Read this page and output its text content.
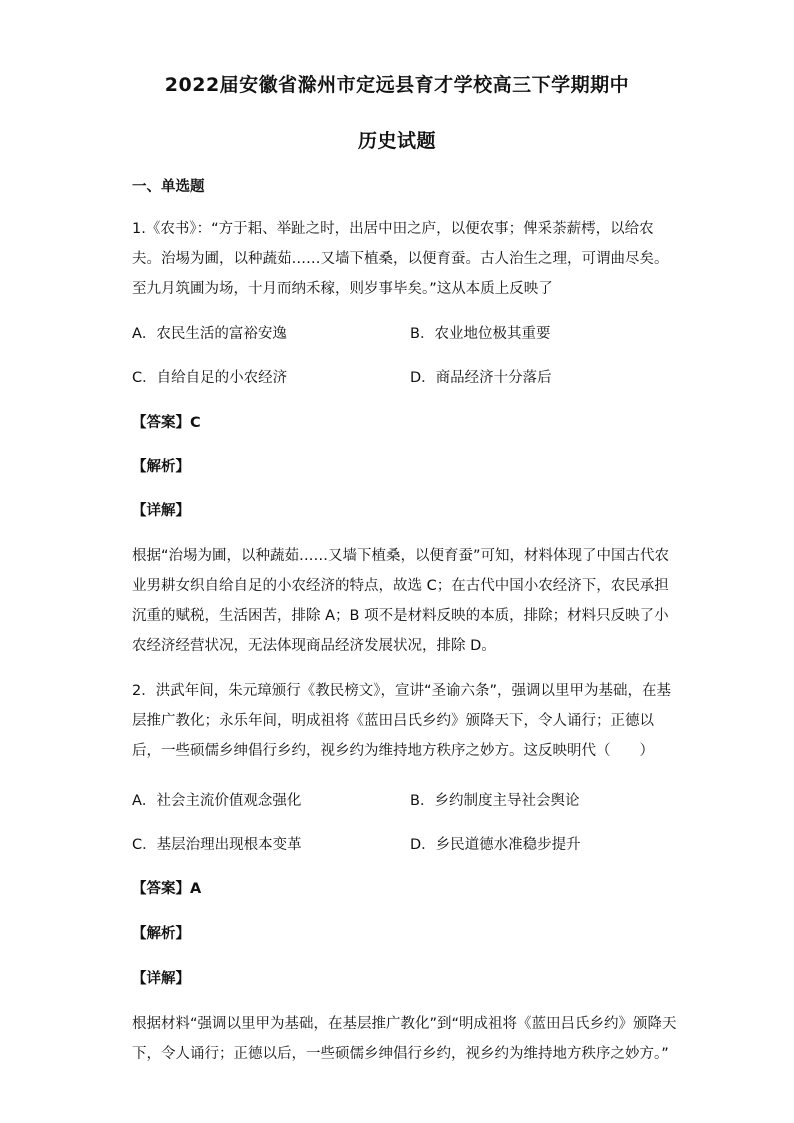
2022届安徽省滁州市定远县育才学校高三下学期期中
历史试题
一、单选题
1.《农书》：“方于耜、举趾之时，出居中田之庐，以便农事；俾采荼薪樗，以给农
夫。治埸为圃，以种蔬茹……又墙下植桑，以便育蚕。古人治生之理，可谓曲尽矣。
至九月筑圃为场，十月而纳禾稼，则岁事毕矣。”这从本质上反映了
A．农民生活的富裕安逸	B．农业地位极其重要
C．自给自足的小农经济	D．商品经济十分落后
【答案】C
【解析】
【详解】
根据“治埸为圃，以种蔬茹……又墙下植桑，以便育蚕”可知，材料体现了中国古代农
业男耕女织自给自足的小农经济的特点，故选 C；在古代中国小农经济下，农民承担
沉重的赋税，生活困苦，排除 A；B 项不是材料反映的本质，排除；材料只反映了小
农经济经营状况，无法体现商品经济发展状况，排除 D。
2．洪武年间，朱元璋颁行《教民榜文》，宣讲“圣谕六条”，强调以里甲为基础，在基
层推广教化；永乐年间，明成祖将《蓝田吕氏乡约》颁降天下，令人诵行；正德以
后，一些硕儒乡绅倡行乡约，视乡约为维持地方秩序之妙方。这反映明代（　　）
A．社会主流价值观念强化	B．乡约制度主导社会舆论
C．基层治理出现根本变革	D．乡民道德水准稳步提升
【答案】A
【解析】
【详解】
根据材料“强调以里甲为基础，在基层推广教化”到“明成祖将《蓝田吕氏乡约》颁降天
下，令人诵行；正德以后，一些硕儒乡绅倡行乡约，视乡约为维持地方秩序之妙方。”
